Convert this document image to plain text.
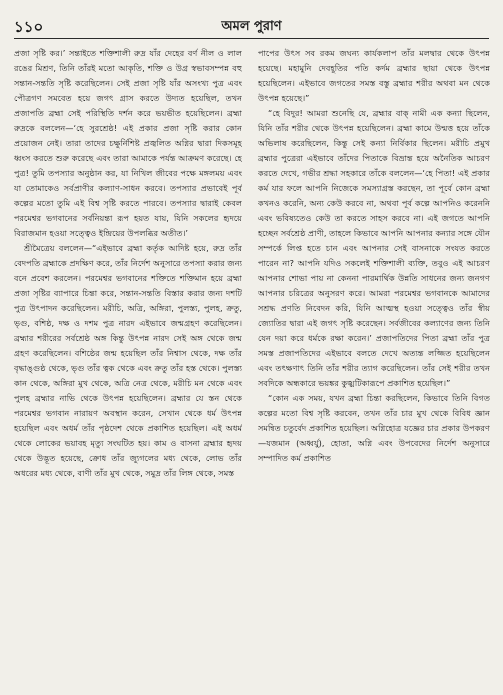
১১০	অমল পুরাণ

প্রজা সৃষ্টি কর।’ সন্তাইতে শক্তিশালী রুদ্র যাঁর দেহের বর্ণ নীল ও লাল রঙের মিশ্রণ, তিনি তাঁরই মতো আকৃতি, শক্তি ও উগ্র স্বভাবসম্পন্ন বহু সন্তান-সন্ততি সৃষ্টি করেছিলেন। সেই প্রজা সৃষ্টি যাঁর অসংখ্য পুত্র এবং পৌত্রগণ সমবেত হয়ে জগৎ গ্রাস করতে উদ্যত হয়েছিল, তখন প্রজাপতি ব্রহ্মা সেই পরিস্থিতি দর্শন করে ভয়ভীত হয়েছিলেন। ব্রহ্মা রুদ্রকে বললেন—‘হে সুরশ্রেষ্ঠ! এই প্রকার প্রজা সৃষ্টি করার কোন প্রয়োজন নেই। তারা তাদের চক্ষুর্নিশিষ্ট প্রজ্বলিত অগ্নির দ্বারা দিকসমূহ ধ্বংস করতে শুরু করেছে এবং তারা আমাকে পর্যন্ত আক্রমণ করেছে। হে পুত্র! তুমি তপস্যার অনুষ্ঠান কর, যা নিখিল জীবের পক্ষে মঙ্গলময় এবং যা তোমাকেও সর্বপ্রাণীর কল্যাণ-সাধন করবে। তপস্যার প্রভাবেই পূর্ব কল্পের মতো তুমি এই বিশ্ব সৃষ্টি করতে পারবে। তপস্যার দ্বারাই কেবল পরমেশ্বর ভগবানের সর্বনিয়ন্তা রূপ হয়ত যায়, যিনি সকলের হৃদয়ে বিরাজমান হওয়া সত্ত্বেও ইন্দ্রিয়ের উপলব্ধির অতীত।’

শ্রীমৈত্রেয় বললেন—“এইভাবে ব্রহ্মা কর্তৃক আদিষ্ট হয়ে, রুদ্র তাঁর বেদপতি ব্রহ্মাকে প্রদক্ষিণ করে, তাঁর নির্দেশ অনুসারে তপস্যা করার জন্য বনে প্রবেশ করলেন। পরমেশ্বর ভগবানের শক্তিতে শক্তিমান হয়ে ব্রহ্মা প্রজা সৃষ্টির ব্যাপারে চিন্তা করে, সন্তান-সন্ততি বিস্তার করার জন্য দশটি পুত্র উৎপাদন করেছিলেন। মরীচি, অত্রি, অঙ্গিরা, পুলস্ত্য, পুলহ, ক্রতু, ভৃগু, বশিষ্ঠ, দক্ষ ও দশম পুত্র নারদ এইভাবে জন্মগ্রহণ করেছিলেন। ব্রহ্মার শরীরের সর্বশ্রেষ্ঠ অঙ্গ কিন্তু উৎপন্ন নারদ সেই অঙ্গ থেকে জন্ম গ্রহণ করেছিলেন। বশিষ্ঠের জন্ম হয়েছিল তাঁর নিশ্বাস থেকে, দক্ষ তাঁর বৃদ্ধাঙ্গুষ্ঠ থেকে, ভৃগু তাঁর ত্বক থেকে এবং ক্রতু তাঁর হস্ত থেকে। পুলস্ত্য কান থেকে, অঙ্গিরা মুখ থেকে, অত্রি নেত্র থেকে, মরীচি মন থেকে এবং পুলহ ব্রহ্মার নাভি থেকে উৎপন্ন হয়েছিলেন। ব্রহ্মার যে স্তন থেকে পরমেশ্বর ভগবান নারায়ণ অবস্থান করেন, সেখান থেকে ধর্ম উৎপন্ন হয়েছিল এবং অধর্ম তাঁর পৃষ্ঠদেশ থেকে প্রকাশিত হয়েছিল। এই অধর্ম থেকে লোকের ভয়াবহ মৃত্যু সংঘটিত হয়। কাম ও বাসনা ব্রহ্মার হৃদয় থেকে উদ্ভূত হয়েছে, ক্রোধ তাঁর জ্যুগলের মধ্য থেকে, লোভ তাঁর অধরের মধ্য থেকে, বাণী তাঁর মুখ থেকে, সমুদ্র তাঁর লিঙ্গ থেকে, সমস্ত

পাপের উৎস সব রকম জঘন্য কার্যকলাপ তাঁর মলদ্বার থেকে উৎপন্ন হয়েছে। মহামুনি দেবহূতির পতি কর্দম ব্রহ্মার ছায়া থেকে উৎপন্ন হয়েছিলেন। এইভাবে জগতের সমস্ত বস্তু ব্রহ্মার শরীর অথবা মন থেকে উৎপন্ন হয়েছে।”

“হে বিদুর! আমরা শুনেছি যে, ব্রহ্মার বাক্ নামী এক কন্যা ছিলেন, যিনি তাঁর শরীর থেকে উৎপন্ন হয়েছিলেন। ব্রহ্মা কামে উন্মত্ত হয়ে তাঁকে অভিলাষ করেছিলেন, কিন্তু সেই কন্যা নির্বিকার ছিলেন। মরীচি প্রমুখ ব্রহ্মার পুত্রেরা এইভাবে তাঁদের পিতাকে বিভ্রান্ত হয়ে অনৈতিক আচরণ করতে দেখে, গভীর শ্রদ্ধা সহকারে তাঁকে বললেন—‘হে পিতা! এই প্রকার কর্ম যার ফলে আপনি নিজেকে সমস্যাগ্রস্ত করছেন, তা পূর্বে কোন ব্রহ্মা কখনও করেনি, অন্য কেউ করবে না, অথবা পূর্ব কল্পে আপনিও করেননি এবং ভবিষ্যতেও কেউ তা করতে সাহস করবে না। এই জগতে আপনি হচ্ছেন সর্বশ্রেষ্ঠ প্রাণী, তাহলে কিভাবে আপনি আপনার কন্যার সঙ্গে যৌন সম্পর্কে লিপ্ত হতে চান এবং আপনার সেই বাসনাকে সংযত করতে পারেন না? আপনি যদিও সকলেই শক্তিশালী ব্যক্তি, তবুও এই আচরণ আপনার শোভা পায় না কেননা পারমার্থিক উন্নতি সাধনের জন্য জনগণ আপনার চরিত্রের অনুসরণ করে। আমরা পরমেশ্বর ভগবানকে আমাদের সশ্রদ্ধ প্রণতি নিবেদন করি, যিনি আত্মস্থ হওয়া সত্ত্বেও তাঁর স্বীয় জ্যোতির দ্বারা এই জগৎ সৃষ্টি করেছেন। সর্বজীবের কল্যাণের জন্য তিনি যেন দয়া করে ধর্মকে রক্ষা করেন।’ প্রজাপতিদের পিতা ব্রহ্মা তাঁর পুত্র সমস্ত প্রজাপতিদের এইভাবে বলতে দেখে অত্যন্ত লজ্জিত হয়েছিলেন এবং তৎক্ষণাৎ তিনি তাঁর শরীর ত্যাগ করেছিলেন। তাঁর সেই শরীর তখন সবদিকে অন্ধকারে ভয়ঙ্কর কুজ্ঝটিকারূপে প্রকাশিত হয়েছিল।”

“কোন এক সময়, যখন ব্রহ্মা চিন্তা করছিলেন, কিভাবে তিনি বিগত কল্পের মতো বিশ্ব সৃষ্টি করবেন, তখন তাঁর চার মুখ থেকে বিবিধ জ্ঞান সমন্বিত চতুর্বেদ প্রকাশিত হয়েছিল। অগ্নিহোত্র যজ্ঞের চার প্রকার উপকরণ—যজমান (অধ্বর্যু), হোতা, অগ্নি এবং উপবেদের নির্দেশ অনুসারে সম্পাদিত কর্ম প্রকাশিত
